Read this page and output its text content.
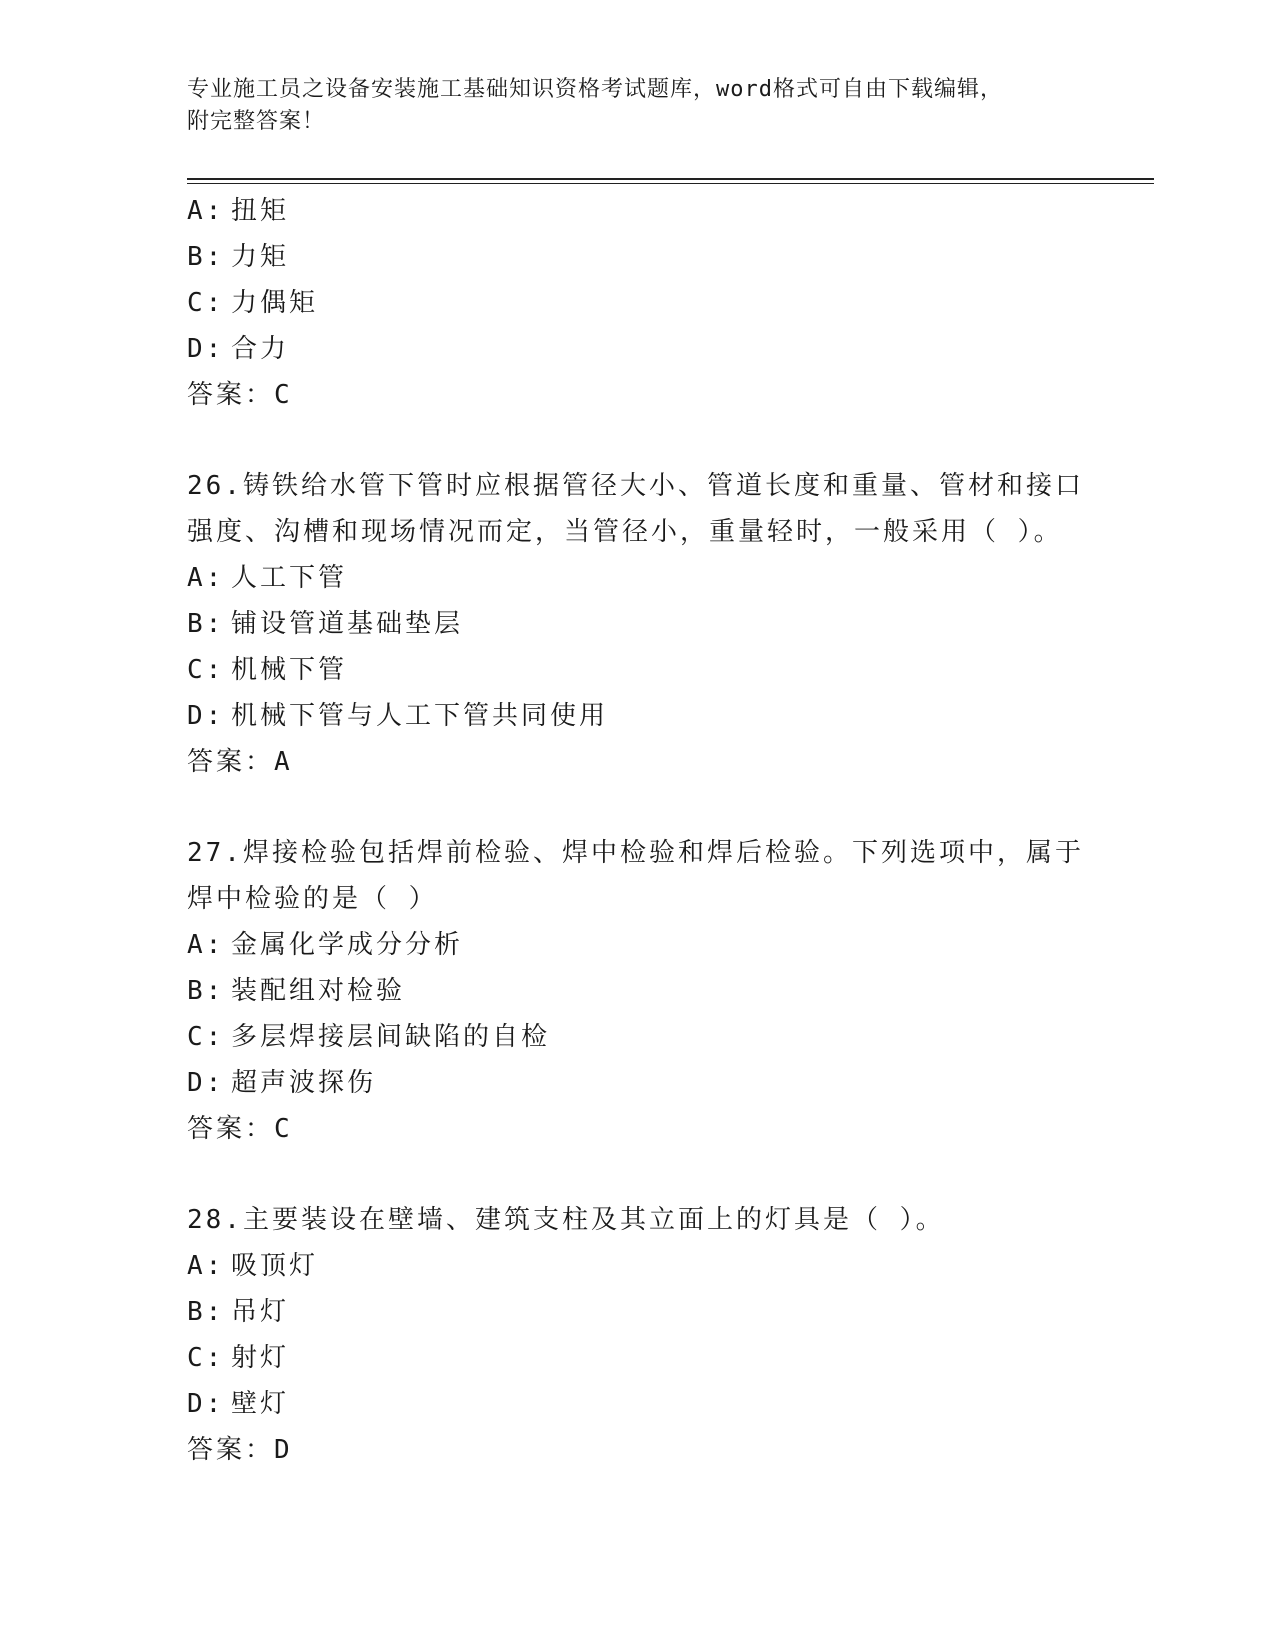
专业施工员之设备安装施工基础知识资格考试题库，word格式可自由下载编辑，
附完整答案！
A: 扭矩
B: 力矩
C: 力偶矩
D: 合力
答案：C
26.铸铁给水管下管时应根据管径大小、管道长度和重量、管材和接口
强度、沟槽和现场情况而定，当管径小，重量轻时，一般采用（ ）。
A: 人工下管
B: 铺设管道基础垫层
C: 机械下管
D: 机械下管与人工下管共同使用
答案：A
27.焊接检验包括焊前检验、焊中检验和焊后检验。下列选项中，属于
焊中检验的是（ ）
A: 金属化学成分分析
B: 装配组对检验
C: 多层焊接层间缺陷的自检
D: 超声波探伤
答案：C
28.主要装设在壁墙、建筑支柱及其立面上的灯具是（ ）。
A: 吸顶灯
B: 吊灯
C: 射灯
D: 壁灯
答案：D
